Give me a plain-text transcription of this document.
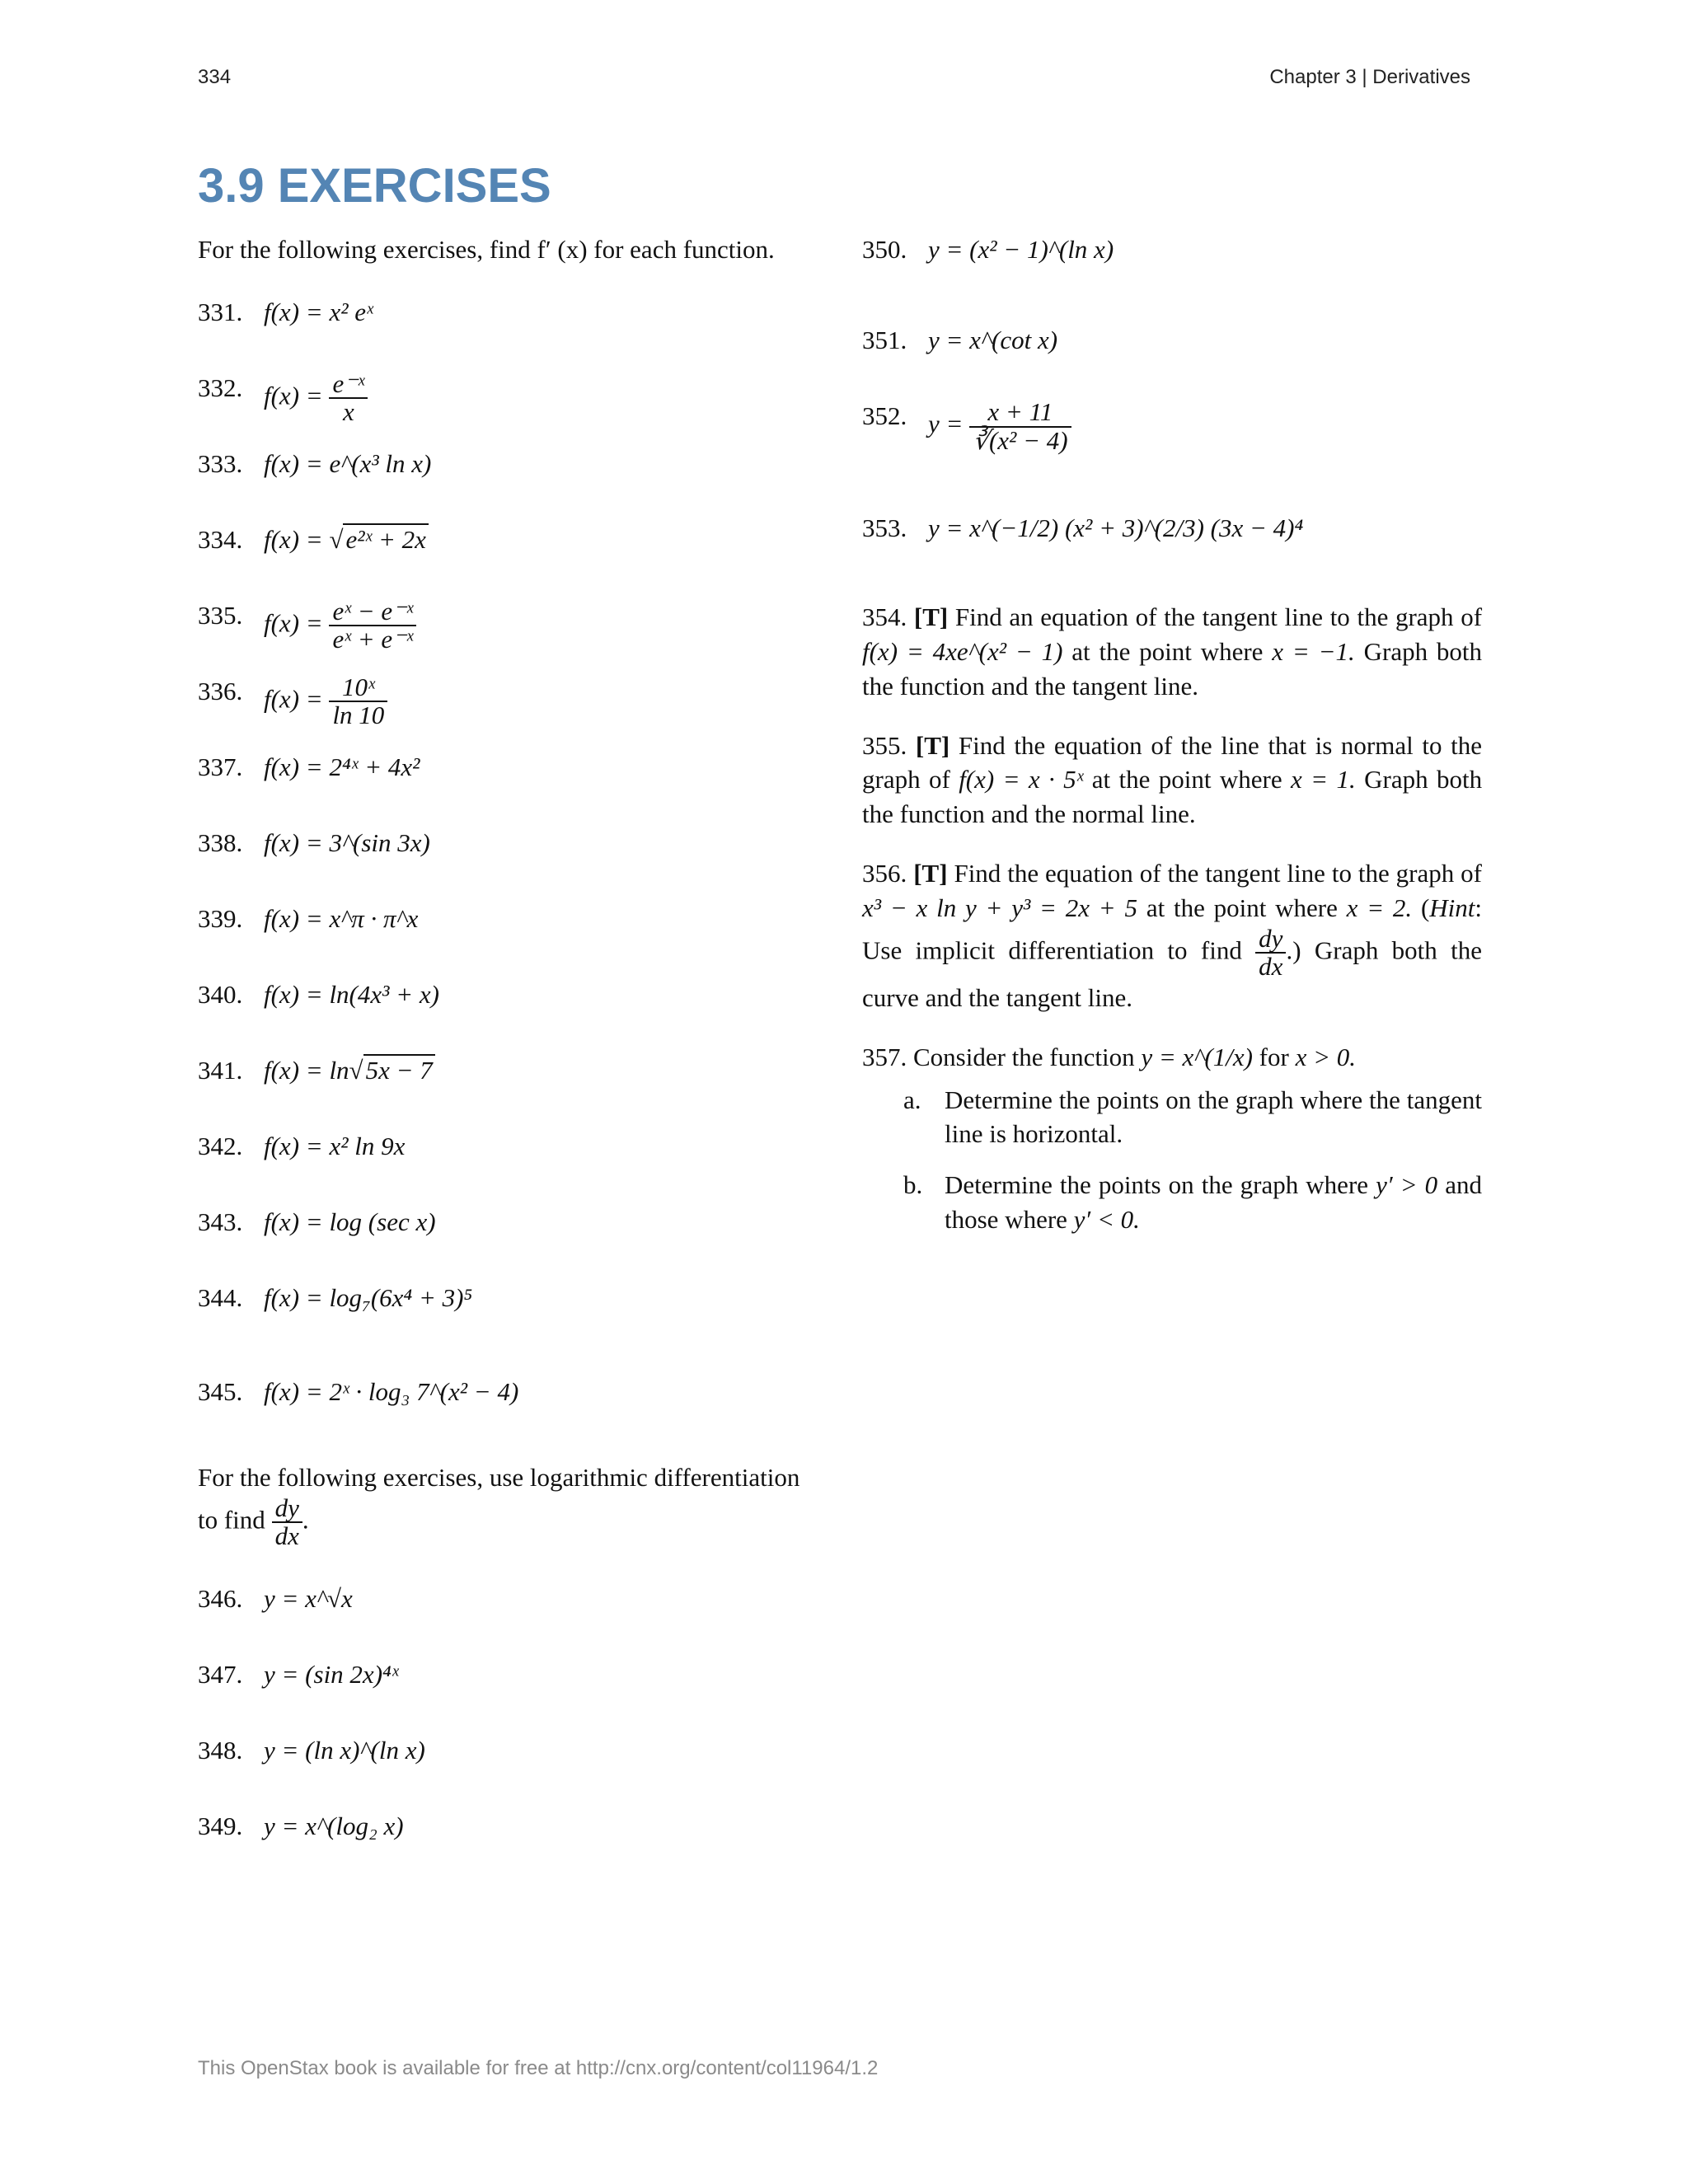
334	Chapter 3 | Derivatives
3.9 EXERCISES
For the following exercises, find f′ (x) for each function.
331. f(x) = x² eˣ
332. $f(x) = \frac{\text{e⁻ˣ}}{x}$
333. f(x) = e^(x³ ln x)
334. f(x) = √e²ˣ + 2x
335. $f(x) = \frac{\text{eˣ − e⁻ˣ}}{\text{eˣ + e⁻ˣ}}$
336. $f(x) = \frac{\text{10ˣ}}{\ln 10}$
337. f(x) = 2⁴ˣ + 4x²
338. f(x) = 3^(sin 3x)
339. f(x) = x^π · π^x
340. f(x) = ln(4x³ + x)
341. f(x) = ln√5x − 7
342. f(x) = x² ln 9x
343. f(x) = log (sec x)
344. f(x) = log₇(6x⁴ + 3)⁵
345. f(x) = 2ˣ · log₃ 7^(x² − 4)
For the following exercises, use logarithmic differentiation to find $\frac{dy}{dx}$ .
346. y = x^√x
347. y = (sin 2x)⁴ˣ
348. y = (ln x)^(ln x)
349. y = x^(log₂ x)
350. y = (x² − 1)^(ln x)
351. y = x^(cot x)
352. $y = \frac{x + 11}{\text{∛(x² − 4)}}$
353. y = x^(−1/2) (x² + 3)^(2/3) (3x − 4)⁴
354. [T] Find an equation of the tangent line to the graph of f(x) = 4xe^(x² − 1) at the point where x = −1. Graph both the function and the tangent line.
355. [T] Find the equation of the line that is normal to the graph of f(x) = x · 5ˣ at the point where x = 1. Graph both the function and the normal line.
356. [T] Find the equation of the tangent line to the graph of x³ − x ln y + y³ = 2x + 5 at the point where x = 2. (Hint: Use implicit differentiation to find $\frac{dy}{dx}$ .) Graph both the curve and the tangent line.
357. Consider the function y = x^(1/x) for x > 0.
a. Determine the points on the graph where the tangent line is horizontal.
b. Determine the points on the graph where y′ > 0 and those where y′ < 0.
This OpenStax book is available for free at http://cnx.org/content/col11964/1.2
